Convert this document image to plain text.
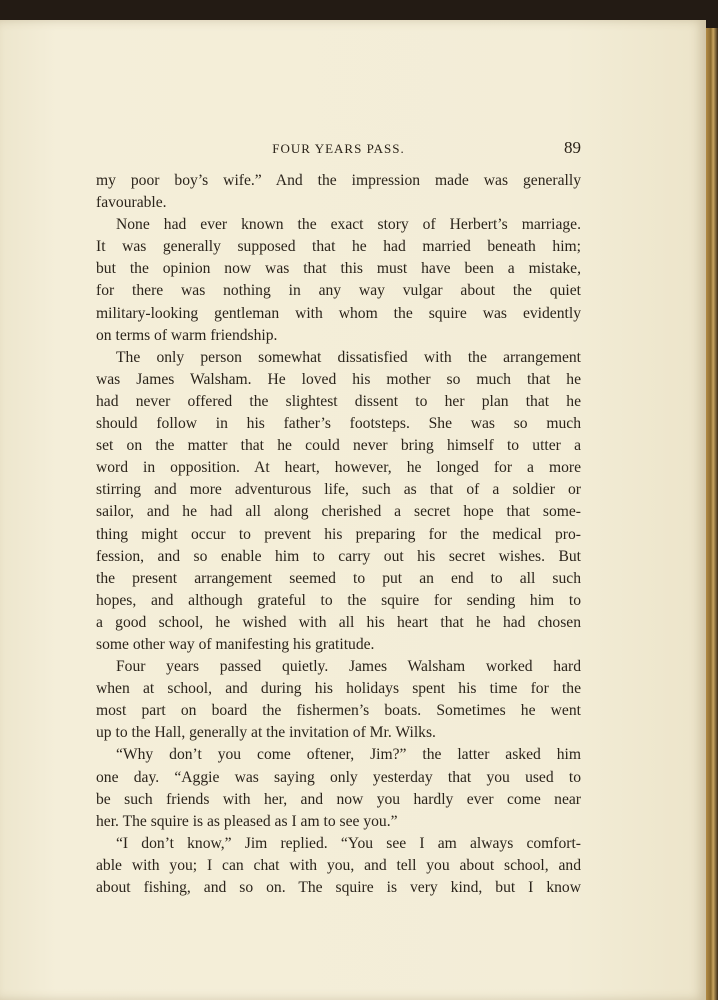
FOUR YEARS PASS.	89
my poor boy’s wife.” And the impression made was generally
favourable.
None had ever known the exact story of Herbert’s marriage.
It was generally supposed that he had married beneath him;
but the opinion now was that this must have been a mistake,
for there was nothing in any way vulgar about the quiet
military-looking gentleman with whom the squire was evidently
on terms of warm friendship.
The only person somewhat dissatisfied with the arrangement
was James Walsham. He loved his mother so much that he
had never offered the slightest dissent to her plan that he
should follow in his father’s footsteps. She was so much
set on the matter that he could never bring himself to utter a
word in opposition. At heart, however, he longed for a more
stirring and more adventurous life, such as that of a soldier or
sailor, and he had all along cherished a secret hope that some-
thing might occur to prevent his preparing for the medical pro-
fession, and so enable him to carry out his secret wishes. But
the present arrangement seemed to put an end to all such
hopes, and although grateful to the squire for sending him to
a good school, he wished with all his heart that he had chosen
some other way of manifesting his gratitude.
Four years passed quietly. James Walsham worked hard
when at school, and during his holidays spent his time for the
most part on board the fishermen’s boats. Sometimes he went
up to the Hall, generally at the invitation of Mr. Wilks.
“Why don’t you come oftener, Jim?” the latter asked him
one day. “Aggie was saying only yesterday that you used to
be such friends with her, and now you hardly ever come near
her. The squire is as pleased as I am to see you.”
“I don’t know,” Jim replied. “You see I am always comfort-
able with you; I can chat with you, and tell you about school, and
about fishing, and so on. The squire is very kind, but I know
